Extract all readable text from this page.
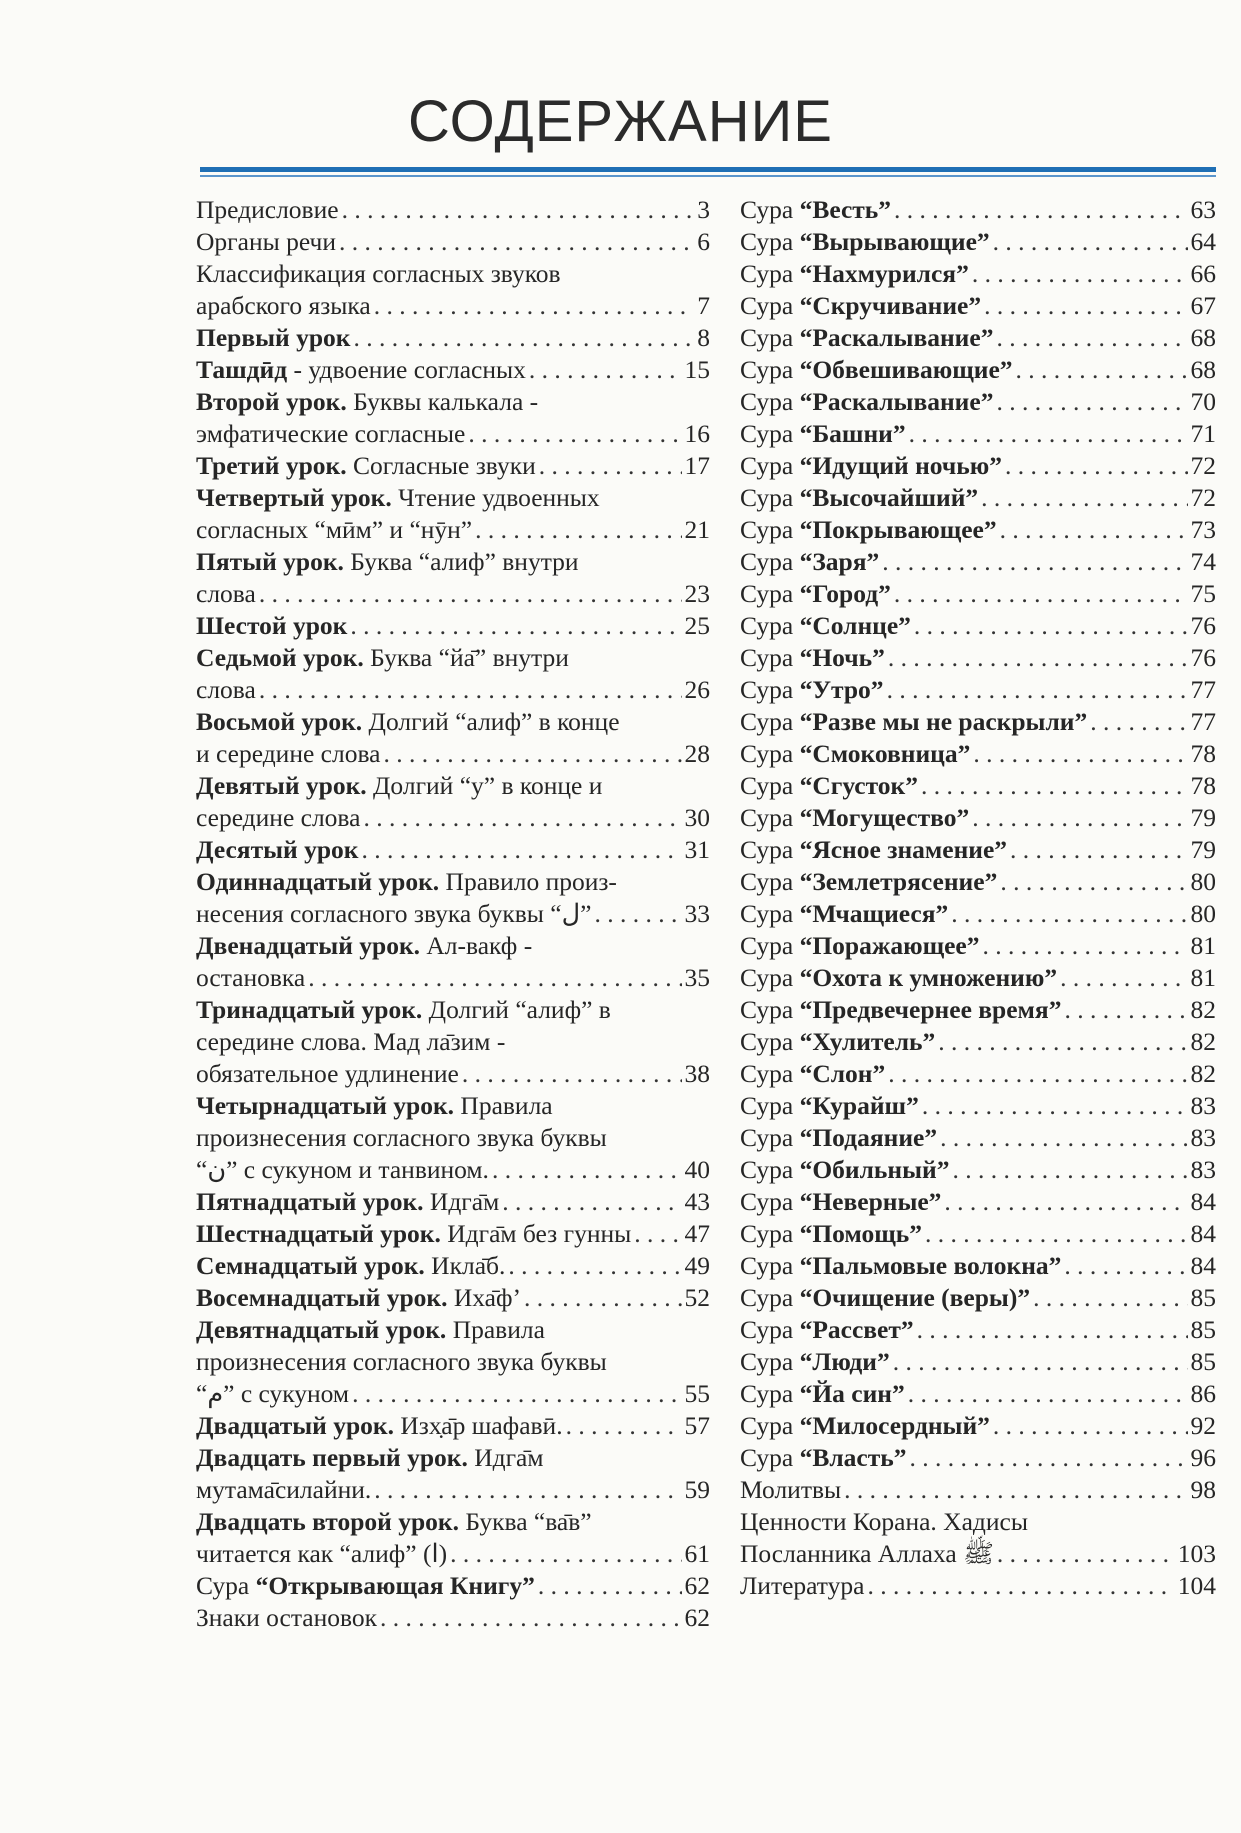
СОДЕРЖАНИЕ
Предисловие . . .	3
Органы речи . . .	6
Классификация согласных звуков
арабского языка . . .	7
Первый урок . . .	8
Ташдӣд - удвоение согласных . . .	15
Второй урок. Буквы калькала -
эмфатические согласные . . .	16
Третий урок. Согласные звуки . . .	17
Четвертый урок. Чтение удвоенных
согласных “мӣм” и “нӯн” . . .	21
Пятый урок. Буква “алиф” внутри
слова . . .	23
Шестой урок . . .	25
Седьмой урок. Буква “йа̄” внутри
слова . . .	26
Восьмой урок. Долгий “алиф” в конце
и середине слова . . .	28
Девятый урок. Долгий “у” в конце и
середине слова . . .	30
Десятый урок . . .	31
Одиннадцатый урок. Правило произ-
несения согласного звука буквы “ل” . . .	33
Двенадцатый урок. Ал-вакф -
остановка . . .	35
Тринадцатый урок. Долгий “алиф” в
середине слова. Мад ла̄зим -
обязательное удлинение . . .	38
Четырнадцатый урок. Правила
произнесения согласного звука буквы
“ن” с сукуном и танвином. . . .	40
Пятнадцатый урок. Идга̄м . . .	43
Шестнадцатый урок. Идга̄м без гунны . . . 47
Семнадцатый урок. Икла̄б. . . .	49
Восемнадцатый урок. Иха̄ф’ . . .	52
Девятнадцатый урок. Правила
произнесения согласного звука буквы
“م” с сукуном . . .	55
Двадцатый урок. Изх̣а̄р шафавӣ. . . .	57
Двадцать первый урок. Идга̄м
мутама̄силайни. . . .	59
Двадцать второй урок. Буква “ва̄в”
читается как “алиф” (ا) . . .	61
Сура “Открывающая Книгу” . . .	62
Знаки остановок . . .	62
Сура “Весть” . . .	63
Сура “Вырывающие” . . .	64
Сура “Нахмурился” . . .	66
Сура “Скручивание” . . .	67
Сура “Раскалывание” . . .	68
Сура “Обвешивающие” . . .	68
Сура “Раскалывание” . . .	70
Сура “Башни” . . .	71
Сура “Идущий ночью” . . .	72
Сура “Высочайший” . . .	72
Сура “Покрывающее” . . .	73
Сура “Заря” . . .	74
Сура “Город” . . .	75
Сура “Солнце” . . .	76
Сура “Ночь” . . .	76
Сура “Утро” . . .	77
Сура “Разве мы не раскрыли” . . .	77
Сура “Смоковница” . . .	78
Сура “Сгусток” . . .	78
Сура “Могущество” . . .	79
Сура “Ясное знамение” . . .	79
Сура “Землетрясение” . . .	80
Сура “Мчащиеся” . . .	80
Сура “Поражающее” . . .	81
Сура “Охота к умножению” . . .	81
Сура “Предвечернее время” . . .	82
Сура “Хулитель” . . .	82
Сура “Слон” . . .	82
Сура “Курайш” . . .	83
Сура “Подаяние” . . .	83
Сура “Обильный” . . .	83
Сура “Неверные” . . .	84
Сура “Помощь” . . .	84
Сура “Пальмовые волокна” . . .	84
Сура “Очищение (веры)” . . .	85
Сура “Рассвет” . . .	85
Сура “Люди” . . .	85
Сура “Йа син” . . .	86
Сура “Милосердный” . . .	92
Сура “Власть” . . .	96
Молитвы . . .	98
Ценности Корана. Хадисы
Посланника Аллаха ﷺ . . .	103
Литература . . .	104
